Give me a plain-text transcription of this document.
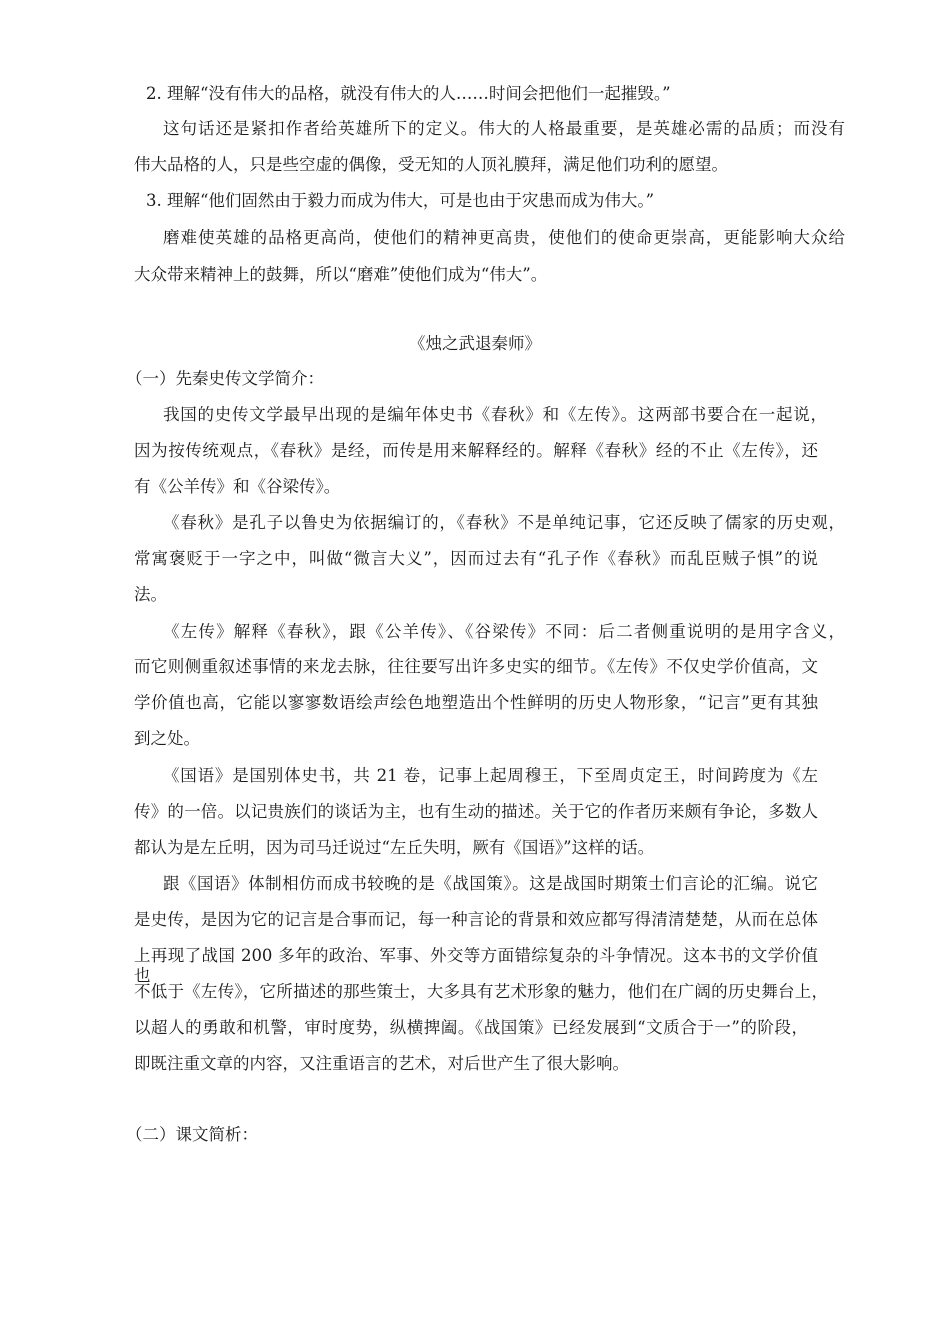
2. 理解“没有伟大的品格，就没有伟大的人……时间会把他们一起摧毁。”
这句话还是紧扣作者给英雄所下的定义。伟大的人格最重要，是英雄必需的品质；而没有
伟大品格的人，只是些空虚的偶像，受无知的人顶礼膜拜，满足他们功利的愿望。
3. 理解“他们固然由于毅力而成为伟大，可是也由于灾患而成为伟大。”
磨难使英雄的品格更高尚，使他们的精神更高贵，使他们的使命更崇高，更能影响大众给
大众带来精神上的鼓舞，所以“磨难”使他们成为“伟大”。
《烛之武退秦师》
（一）先秦史传文学简介：
我国的史传文学最早出现的是编年体史书《春秋》和《左传》。这两部书要合在一起说，
因为按传统观点，《春秋》是经，而传是用来解释经的。解释《春秋》经的不止《左传》，还
有《公羊传》和《谷梁传》。
《春秋》是孔子以鲁史为依据编订的，《春秋》不是单纯记事，它还反映了儒家的历史观，
常寓褒贬于一字之中，叫做“微言大义”，因而过去有“孔子作《春秋》而乱臣贼子惧”的说
法。
《左传》解释《春秋》，跟《公羊传》、《谷梁传》不同：后二者侧重说明的是用字含义，
而它则侧重叙述事情的来龙去脉，往往要写出许多史实的细节。《左传》不仅史学价值高，文
学价值也高，它能以寥寥数语绘声绘色地塑造出个性鲜明的历史人物形象，“记言”更有其独
到之处。
《国语》是国别体史书，共 21 卷，记事上起周穆王，下至周贞定王，时间跨度为《左
传》的一倍。以记贵族们的谈话为主，也有生动的描述。关于它的作者历来颇有争论，多数人
都认为是左丘明，因为司马迁说过“左丘失明，厥有《国语》”这样的话。
跟《国语》体制相仿而成书较晚的是《战国策》。这是战国时期策士们言论的汇编。说它
是史传，是因为它的记言是合事而记，每一种言论的背景和效应都写得清清楚楚，从而在总体
上再现了战国 200 多年的政治、军事、外交等方面错综复杂的斗争情况。这本书的文学价值也
不低于《左传》，它所描述的那些策士，大多具有艺术形象的魅力，他们在广阔的历史舞台上，
以超人的勇敢和机警，审时度势，纵横捭阖。《战国策》已经发展到“文质合于一”的阶段，
即既注重文章的内容，又注重语言的艺术，对后世产生了很大影响。
（二）课文简析：
